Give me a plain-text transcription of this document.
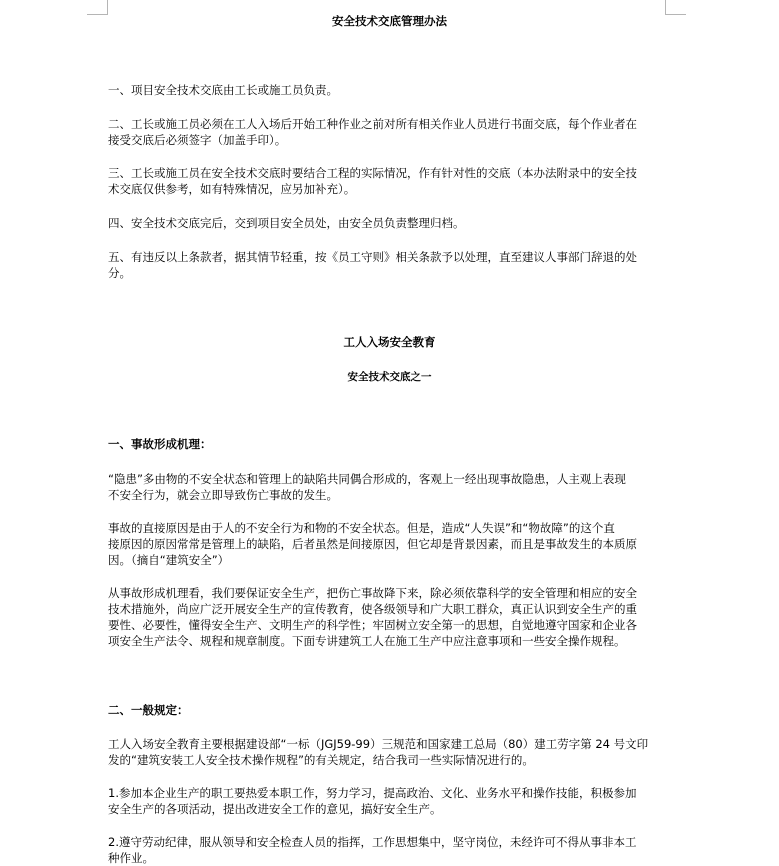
安全技术交底管理办法
一、项目安全技术交底由工长或施工员负责。
二、工长或施工员必须在工人入场后开始工种作业之前对所有相关作业人员进行书面交底，每个作业者在
接受交底后必须签字（加盖手印）。
三、工长或施工员在安全技术交底时要结合工程的实际情况，作有针对性的交底（本办法附录中的安全技
术交底仅供参考，如有特殊情况，应另加补充）。
四、安全技术交底完后，交到项目安全员处，由安全员负责整理归档。
五、有违反以上条款者，据其情节轻重，按《员工守则》相关条款予以处理，直至建议人事部门辞退的处
分。
工人入场安全教育
安全技术交底之一
一、事故形成机理：
“隐患”多由物的不安全状态和管理上的缺陷共同偶合形成的，客观上一经出现事故隐患，人主观上表现
不安全行为，就会立即导致伤亡事故的发生。
事故的直接原因是由于人的不安全行为和物的不安全状态。但是，造成“人失误”和“物故障”的这个直
接原因的原因常常是管理上的缺陷，后者虽然是间接原因，但它却是背景因素，而且是事故发生的本质原
因。（摘自“建筑安全”）
从事故形成机理看，我们要保证安全生产，把伤亡事故降下来，除必须依靠科学的安全管理和相应的安全
技术措施外，尚应广泛开展安全生产的宣传教育，使各级领导和广大职工群众，真正认识到安全生产的重
要性、必要性，懂得安全生产、文明生产的科学性；牢固树立安全第一的思想，自觉地遵守国家和企业各
项安全生产法令、规程和规章制度。下面专讲建筑工人在施工生产中应注意事项和一些安全操作规程。
二、一般规定：
工人入场安全教育主要根据建设部“一标（JGJ59-99）三规范和国家建工总局（80）建工劳字第 24 号文印
发的“建筑安装工人安全技术操作规程”的有关规定，结合我司一些实际情况进行的。
1.参加本企业生产的职工要热爱本职工作，努力学习，提高政治、文化、业务水平和操作技能，积极参加
安全生产的各项活动，提出改进安全工作的意见，搞好安全生产。
2.遵守劳动纪律，服从领导和安全检查人员的指挥，工作思想集中，坚守岗位，未经许可不得从事非本工
种作业。
